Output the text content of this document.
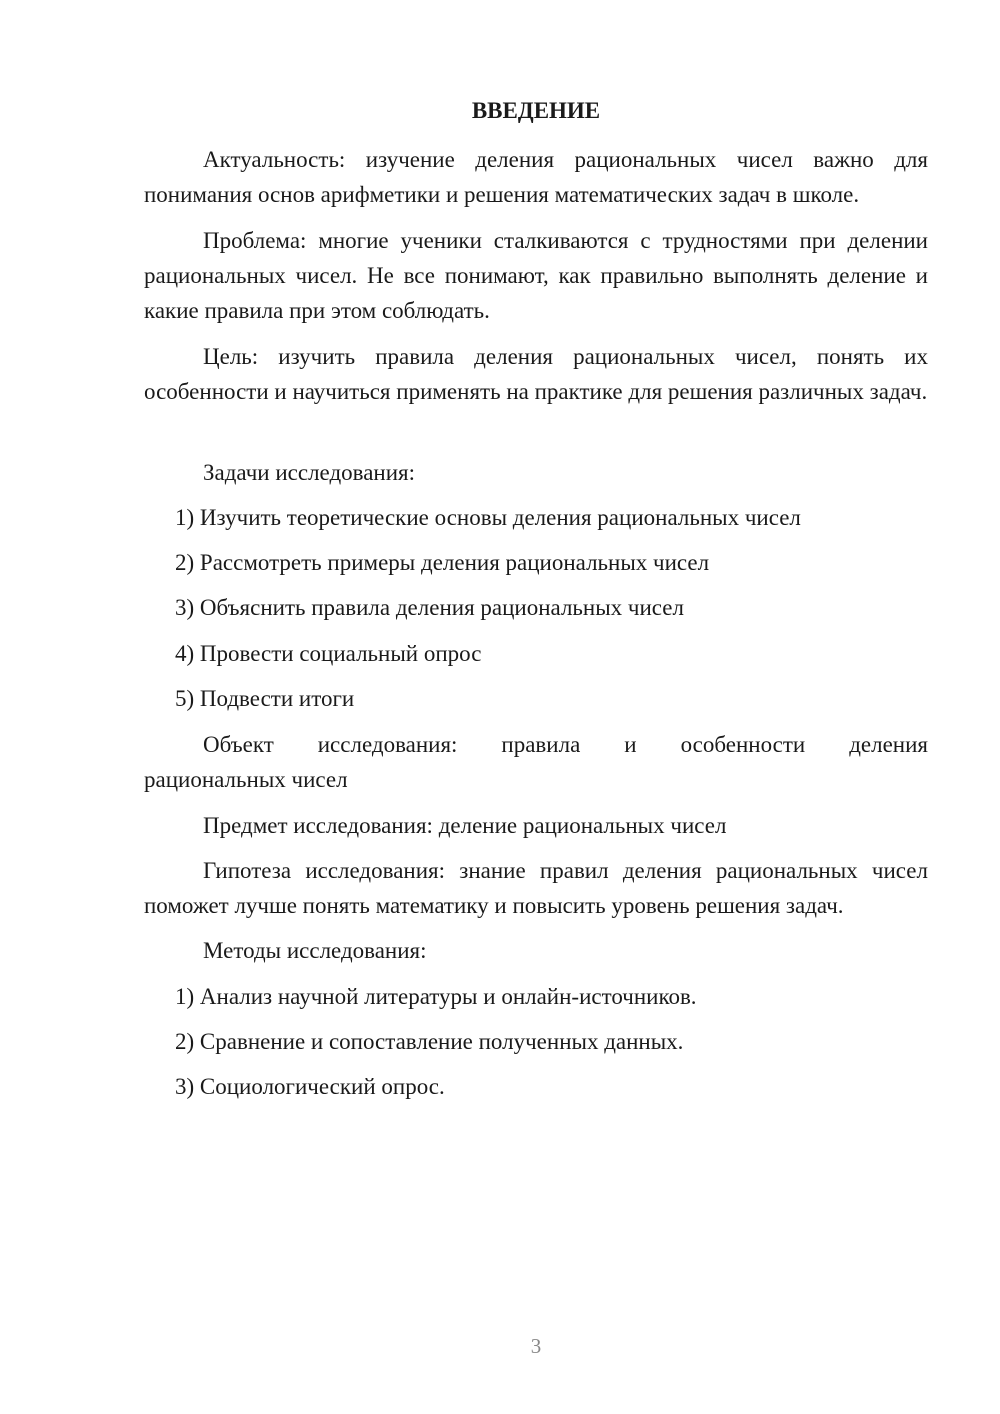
ВВЕДЕНИЕ
Актуальность: изучение деления рациональных чисел важно для понимания основ арифметики и решения математических задач в школе.
Проблема: многие ученики сталкиваются с трудностями при делении рациональных чисел. Не все понимают, как правильно выполнять деление и какие правила при этом соблюдать.
Цель: изучить правила деления рациональных чисел, понять их особенности и научиться применять на практике для решения различных задач.
Задачи исследования:
1) Изучить теоретические основы деления рациональных чисел
2) Рассмотреть примеры деления рациональных чисел
3) Объяснить правила деления рациональных чисел
4) Провести социальный опрос
5) Подвести итоги
Объект исследования: правила и особенности деления
рациональных чисел
Предмет исследования: деление рациональных чисел
Гипотеза исследования: знание правил деления рациональных чисел поможет лучше понять математику и повысить уровень решения задач.
Методы исследования:
1) Анализ научной литературы и онлайн-источников.
2) Сравнение и сопоставление полученных данных.
3) Социологический опрос.
3
